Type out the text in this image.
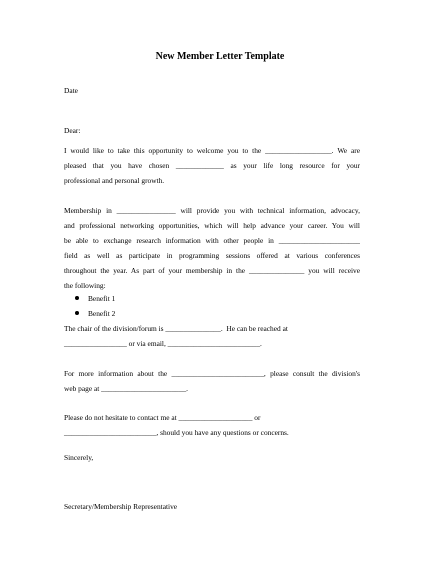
New Member Letter Template
Date
Dear:
I would like to take this opportunity to welcome you to the __________________. We are
pleased that you have chosen _____________ as your life long resource for your
professional and personal growth.
Membership in ________________ will provide you with technical information, advocacy,
and professional networking opportunities, which will help advance your career. You will
be able to exchange research information with other people in ______________________
field as well as participate in programming sessions offered at various conferences
throughout the year. As part of your membership in the _______________ you will receive
the following:
Benefit 1
Benefit 2
The chair of the division/forum is _______________.  He can be reached at
_________________ or via email, _________________________.
For more information about the _________________________, please consult the division's
web page at _______________________.
Please do not hesitate to contact me at ____________________ or
_________________________, should you have any questions or concerns.
Sincerely,
Secretary/Membership Representative
